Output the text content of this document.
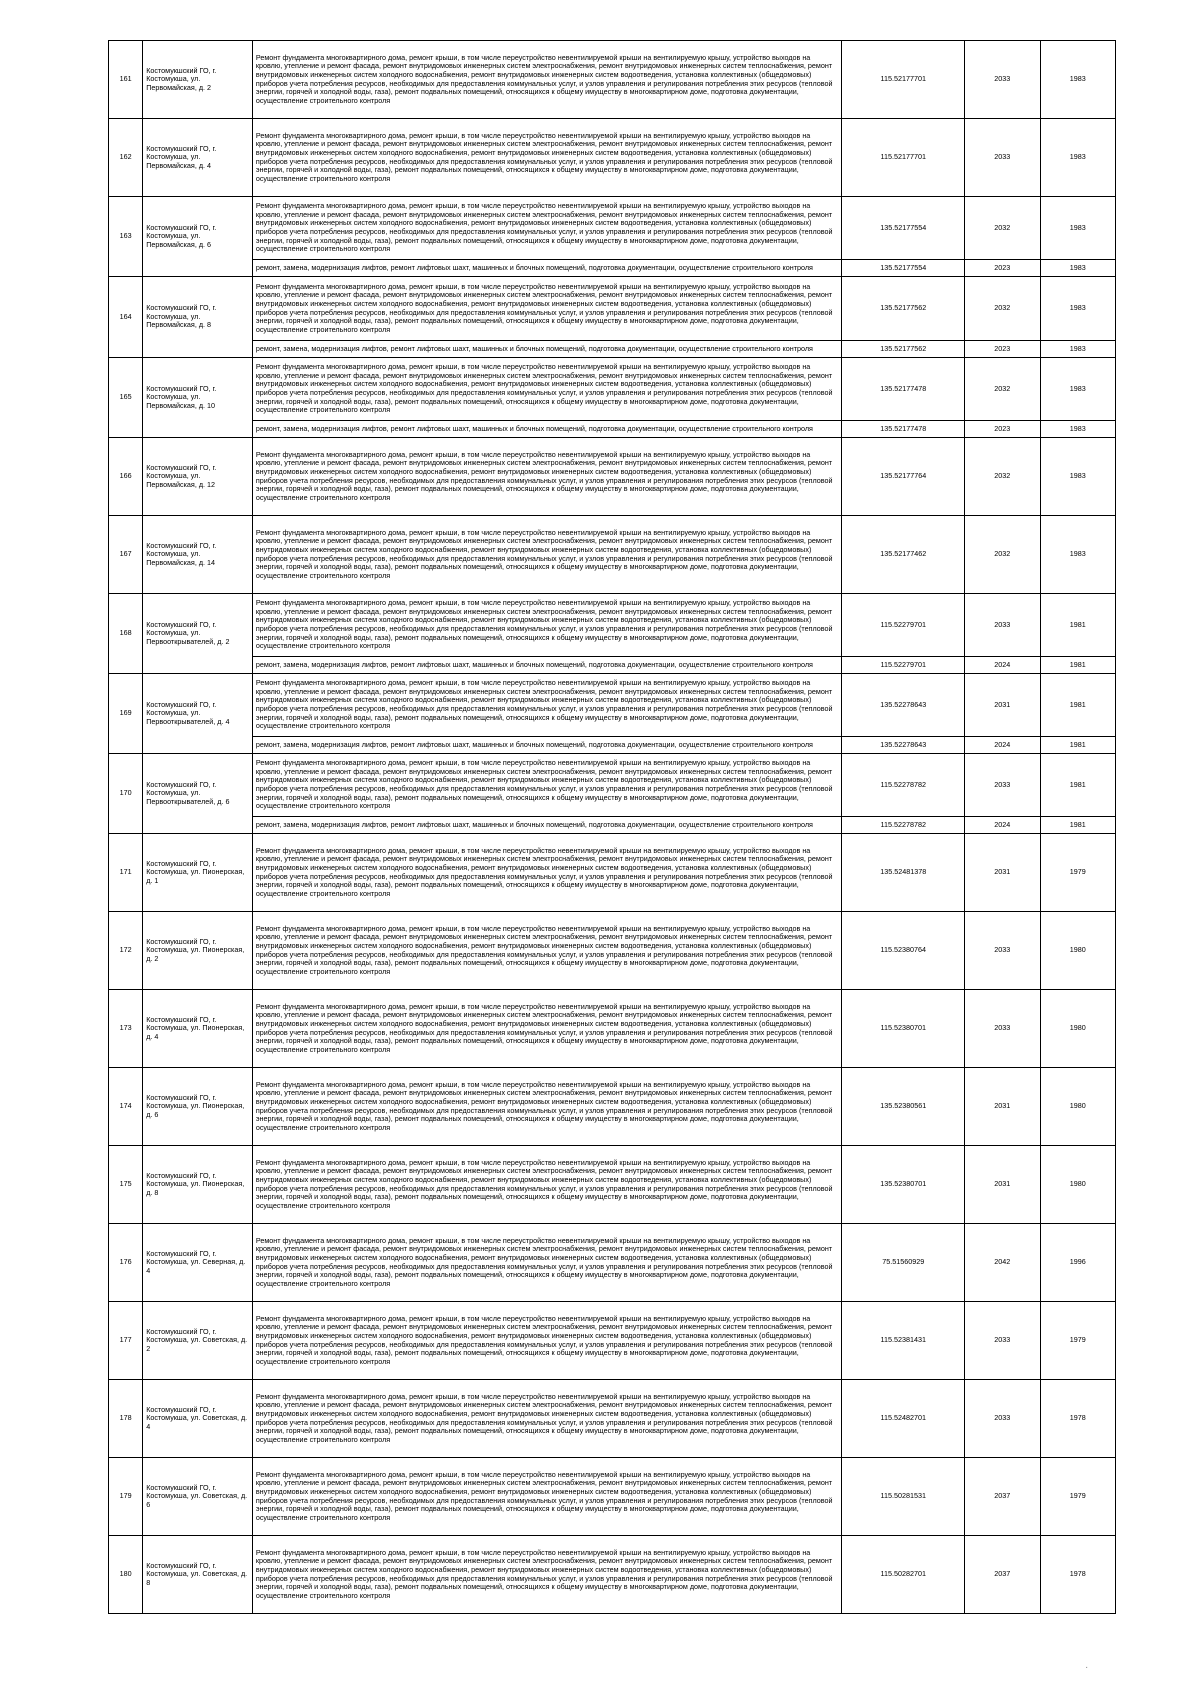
161	Костомукшский ГО, г. Костомукша, ул. Первомайская, д. 2	Ремонт фундамента многоквартирного дома, ремонт крыши, в том числе переустройство невентилируемой крыши на вентилируемую крышу, устройство выходов на кровлю, утепление и ремонт фасада, ремонт внутридомовых инженерных систем электроснабжения, ремонт внутридомовых инженерных систем теплоснабжения, ремонт внутридомовых инженерных систем холодного водоснабжения, ремонт внутридомовых инженерных систем водоотведения, установка коллективных (общедомовых) приборов учета потребления ресурсов, необходимых для предоставления коммунальных услуг, и узлов управления и регулирования потребления этих ресурсов (тепловой энергии, горячей и холодной воды, газа), ремонт подвальных помещений, относящихся к общему имуществу в многоквартирном доме, подготовка документации, осуществление строительного контроля	115.52177701	2033	1983
162	Костомукшский ГО, г. Костомукша, ул. Первомайская, д. 4	Ремонт фундамента многоквартирного дома, ремонт крыши, в том числе переустройство невентилируемой крыши на вентилируемую крышу, устройство выходов на кровлю, утепление и ремонт фасада, ремонт внутридомовых инженерных систем электроснабжения, ремонт внутридомовых инженерных систем теплоснабжения, ремонт внутридомовых инженерных систем холодного водоснабжения, ремонт внутридомовых инженерных систем водоотведения, установка коллективных (общедомовых) приборов учета потребления ресурсов, необходимых для предоставления коммунальных услуг, и узлов управления и регулирования потребления этих ресурсов (тепловой энергии, горячей и холодной воды, газа), ремонт подвальных помещений, относящихся к общему имуществу в многоквартирном доме, подготовка документации, осуществление строительного контроля	115.52177701	2033	1983
163	Костомукшский ГО, г. Костомукша, ул. Первомайская, д. 6	Ремонт фундамента многоквартирного дома, ремонт крыши, в том числе переустройство невентилируемой крыши на вентилируемую крышу, устройство выходов на кровлю, утепление и ремонт фасада, ремонт внутридомовых инженерных систем электроснабжения, ремонт внутридомовых инженерных систем теплоснабжения, ремонт внутридомовых инженерных систем холодного водоснабжения, ремонт внутридомовых инженерных систем водоотведения, установка коллективных (общедомовых) приборов учета потребления ресурсов, необходимых для предоставления коммунальных услуг, и узлов управления и регулирования потребления этих ресурсов (тепловой энергии, горячей и холодной воды, газа), ремонт подвальных помещений, относящихся к общему имуществу в многоквартирном доме, подготовка документации, осуществление строительного контроля	135.52177554	2032	1983
		ремонт, замена, модернизация лифтов, ремонт лифтовых шахт, машинных и блочных помещений, подготовка документации, осуществление строительного контроля	135.52177554	2023	1983
164	Костомукшский ГО, г. Костомукша, ул. Первомайская, д. 8	Ремонт фундамента многоквартирного дома, ремонт крыши, в том числе переустройство невентилируемой крыши на вентилируемую крышу, устройство выходов на кровлю, утепление и ремонт фасада, ремонт внутридомовых инженерных систем электроснабжения, ремонт внутридомовых инженерных систем теплоснабжения, ремонт внутридомовых инженерных систем холодного водоснабжения, ремонт внутридомовых инженерных систем водоотведения, установка коллективных (общедомовых) приборов учета потребления ресурсов, необходимых для предоставления коммунальных услуг, и узлов управления и регулирования потребления этих ресурсов (тепловой энергии, горячей и холодной воды, газа), ремонт подвальных помещений, относящихся к общему имуществу в многоквартирном доме, подготовка документации, осуществление строительного контроля	135.52177562	2032	1983
		ремонт, замена, модернизация лифтов, ремонт лифтовых шахт, машинных и блочных помещений, подготовка документации, осуществление строительного контроля	135.52177562	2023	1983
165	Костомукшский ГО, г. Костомукша, ул. Первомайская, д. 10	Ремонт фундамента многоквартирного дома, ремонт крыши, в том числе переустройство невентилируемой крыши на вентилируемую крышу, устройство выходов на кровлю, утепление и ремонт фасада, ремонт внутридомовых инженерных систем электроснабжения, ремонт внутридомовых инженерных систем теплоснабжения, ремонт внутридомовых инженерных систем холодного водоснабжения, ремонт внутридомовых инженерных систем водоотведения, установка коллективных (общедомовых) приборов учета потребления ресурсов, необходимых для предоставления коммунальных услуг, и узлов управления и регулирования потребления этих ресурсов (тепловой энергии, горячей и холодной воды, газа), ремонт подвальных помещений, относящихся к общему имуществу в многоквартирном доме, подготовка документации, осуществление строительного контроля	135.52177478	2032	1983
		ремонт, замена, модернизация лифтов, ремонт лифтовых шахт, машинных и блочных помещений, подготовка документации, осуществление строительного контроля	135.52177478	2023	1983
166	Костомукшский ГО, г. Костомукша, ул. Первомайская, д. 12	Ремонт фундамента многоквартирного дома, ремонт крыши, в том числе переустройство невентилируемой крыши на вентилируемую крышу, устройство выходов на кровлю, утепление и ремонт фасада, ремонт внутридомовых инженерных систем электроснабжения, ремонт внутридомовых инженерных систем теплоснабжения, ремонт внутридомовых инженерных систем холодного водоснабжения, ремонт внутридомовых инженерных систем водоотведения, установка коллективных (общедомовых) приборов учета потребления ресурсов, необходимых для предоставления коммунальных услуг, и узлов управления и регулирования потребления этих ресурсов (тепловой энергии, горячей и холодной воды, газа), ремонт подвальных помещений, относящихся к общему имуществу в многоквартирном доме, подготовка документации, осуществление строительного контроля	135.52177764	2032	1983
167	Костомукшский ГО, г. Костомукша, ул. Первомайская, д. 14	Ремонт фундамента многоквартирного дома, ремонт крыши, в том числе переустройство невентилируемой крыши на вентилируемую крышу, устройство выходов на кровлю, утепление и ремонт фасада, ремонт внутридомовых инженерных систем электроснабжения, ремонт внутридомовых инженерных систем теплоснабжения, ремонт внутридомовых инженерных систем холодного водоснабжения, ремонт внутридомовых инженерных систем водоотведения, установка коллективных (общедомовых) приборов учета потребления ресурсов, необходимых для предоставления коммунальных услуг, и узлов управления и регулирования потребления этих ресурсов (тепловой энергии, горячей и холодной воды, газа), ремонт подвальных помещений, относящихся к общему имуществу в многоквартирном доме, подготовка документации, осуществление строительного контроля	135.52177462	2032	1983
168	Костомукшский ГО, г. Костомукша, ул. Первооткрывателей, д. 2	Ремонт фундамента многоквартирного дома, ремонт крыши, в том числе переустройство невентилируемой крыши на вентилируемую крышу, устройство выходов на кровлю, утепление и ремонт фасада, ремонт внутридомовых инженерных систем электроснабжения, ремонт внутридомовых инженерных систем теплоснабжения, ремонт внутридомовых инженерных систем холодного водоснабжения, ремонт внутридомовых инженерных систем водоотведения, установка коллективных (общедомовых) приборов учета потребления ресурсов, необходимых для предоставления коммунальных услуг, и узлов управления и регулирования потребления этих ресурсов (тепловой энергии, горячей и холодной воды, газа), ремонт подвальных помещений, относящихся к общему имуществу в многоквартирном доме, подготовка документации, осуществление строительного контроля	115.52279701	2033	1981
		ремонт, замена, модернизация лифтов, ремонт лифтовых шахт, машинных и блочных помещений, подготовка документации, осуществление строительного контроля	115.52279701	2024	1981
169	Костомукшский ГО, г. Костомукша, ул. Первооткрывателей, д. 4	Ремонт фундамента многоквартирного дома, ремонт крыши, в том числе переустройство невентилируемой крыши на вентилируемую крышу, устройство выходов на кровлю, утепление и ремонт фасада, ремонт внутридомовых инженерных систем электроснабжения, ремонт внутридомовых инженерных систем теплоснабжения, ремонт внутридомовых инженерных систем холодного водоснабжения, ремонт внутридомовых инженерных систем водоотведения, установка коллективных (общедомовых) приборов учета потребления ресурсов, необходимых для предоставления коммунальных услуг, и узлов управления и регулирования потребления этих ресурсов (тепловой энергии, горячей и холодной воды, газа), ремонт подвальных помещений, относящихся к общему имуществу в многоквартирном доме, подготовка документации, осуществление строительного контроля	135.52278643	2031	1981
		ремонт, замена, модернизация лифтов, ремонт лифтовых шахт, машинных и блочных помещений, подготовка документации, осуществление строительного контроля	135.52278643	2024	1981
170	Костомукшский ГО, г. Костомукша, ул. Первооткрывателей, д. 6	Ремонт фундамента многоквартирного дома, ремонт крыши, в том числе переустройство невентилируемой крыши на вентилируемую крышу, устройство выходов на кровлю, утепление и ремонт фасада, ремонт внутридомовых инженерных систем электроснабжения, ремонт внутридомовых инженерных систем теплоснабжения, ремонт внутридомовых инженерных систем холодного водоснабжения, ремонт внутридомовых инженерных систем водоотведения, установка коллективных (общедомовых) приборов учета потребления ресурсов, необходимых для предоставления коммунальных услуг, и узлов управления и регулирования потребления этих ресурсов (тепловой энергии, горячей и холодной воды, газа), ремонт подвальных помещений, относящихся к общему имуществу в многоквартирном доме, подготовка документации, осуществление строительного контроля	115.52278782	2033	1981
		ремонт, замена, модернизация лифтов, ремонт лифтовых шахт, машинных и блочных помещений, подготовка документации, осуществление строительного контроля	115.52278782	2024	1981
171	Костомукшский ГО, г. Костомукша, ул. Пионерская, д. 1	Ремонт фундамента многоквартирного дома, ремонт крыши, в том числе переустройство невентилируемой крыши на вентилируемую крышу, устройство выходов на кровлю, утепление и ремонт фасада, ремонт внутридомовых инженерных систем электроснабжения, ремонт внутридомовых инженерных систем теплоснабжения, ремонт внутридомовых инженерных систем холодного водоснабжения, ремонт внутридомовых инженерных систем водоотведения, установка коллективных (общедомовых) приборов учета потребления ресурсов, необходимых для предоставления коммунальных услуг, и узлов управления и регулирования потребления этих ресурсов (тепловой энергии, горячей и холодной воды, газа), ремонт подвальных помещений, относящихся к общему имуществу в многоквартирном доме, подготовка документации, осуществление строительного контроля	135.52481378	2031	1979
172	Костомукшский ГО, г. Костомукша, ул. Пионерская, д. 2	Ремонт фундамента многоквартирного дома, ремонт крыши, в том числе переустройство невентилируемой крыши на вентилируемую крышу, устройство выходов на кровлю, утепление и ремонт фасада, ремонт внутридомовых инженерных систем электроснабжения, ремонт внутридомовых инженерных систем теплоснабжения, ремонт внутридомовых инженерных систем холодного водоснабжения, ремонт внутридомовых инженерных систем водоотведения, установка коллективных (общедомовых) приборов учета потребления ресурсов, необходимых для предоставления коммунальных услуг, и узлов управления и регулирования потребления этих ресурсов (тепловой энергии, горячей и холодной воды, газа), ремонт подвальных помещений, относящихся к общему имуществу в многоквартирном доме, подготовка документации, осуществление строительного контроля	115.52380764	2033	1980
173	Костомукшский ГО, г. Костомукша, ул. Пионерская, д. 4	Ремонт фундамента многоквартирного дома, ремонт крыши, в том числе переустройство невентилируемой крыши на вентилируемую крышу, устройство выходов на кровлю, утепление и ремонт фасада, ремонт внутридомовых инженерных систем электроснабжения, ремонт внутридомовых инженерных систем теплоснабжения, ремонт внутридомовых инженерных систем холодного водоснабжения, ремонт внутридомовых инженерных систем водоотведения, установка коллективных (общедомовых) приборов учета потребления ресурсов, необходимых для предоставления коммунальных услуг, и узлов управления и регулирования потребления этих ресурсов (тепловой энергии, горячей и холодной воды, газа), ремонт подвальных помещений, относящихся к общему имуществу в многоквартирном доме, подготовка документации, осуществление строительного контроля	115.52380701	2033	1980
174	Костомукшский ГО, г. Костомукша, ул. Пионерская, д. 6	Ремонт фундамента многоквартирного дома, ремонт крыши, в том числе переустройство невентилируемой крыши на вентилируемую крышу, устройство выходов на кровлю, утепление и ремонт фасада, ремонт внутридомовых инженерных систем электроснабжения, ремонт внутридомовых инженерных систем теплоснабжения, ремонт внутридомовых инженерных систем холодного водоснабжения, ремонт внутридомовых инженерных систем водоотведения, установка коллективных (общедомовых) приборов учета потребления ресурсов, необходимых для предоставления коммунальных услуг, и узлов управления и регулирования потребления этих ресурсов (тепловой энергии, горячей и холодной воды, газа), ремонт подвальных помещений, относящихся к общему имуществу в многоквартирном доме, подготовка документации, осуществление строительного контроля	135.52380561	2031	1980
175	Костомукшский ГО, г. Костомукша, ул. Пионерская, д. 8	Ремонт фундамента многоквартирного дома, ремонт крыши, в том числе переустройство невентилируемой крыши на вентилируемую крышу, устройство выходов на кровлю, утепление и ремонт фасада, ремонт внутридомовых инженерных систем электроснабжения, ремонт внутридомовых инженерных систем теплоснабжения, ремонт внутридомовых инженерных систем холодного водоснабжения, ремонт внутридомовых инженерных систем водоотведения, установка коллективных (общедомовых) приборов учета потребления ресурсов, необходимых для предоставления коммунальных услуг, и узлов управления и регулирования потребления этих ресурсов (тепловой энергии, горячей и холодной воды, газа), ремонт подвальных помещений, относящихся к общему имуществу в многоквартирном доме, подготовка документации, осуществление строительного контроля	135.52380701	2031	1980
176	Костомукшский ГО, г. Костомукша, ул. Северная, д. 4	Ремонт фундамента многоквартирного дома, ремонт крыши, в том числе переустройство невентилируемой крыши на вентилируемую крышу, устройство выходов на кровлю, утепление и ремонт фасада, ремонт внутридомовых инженерных систем электроснабжения, ремонт внутридомовых инженерных систем теплоснабжения, ремонт внутридомовых инженерных систем холодного водоснабжения, ремонт внутридомовых инженерных систем водоотведения, установка коллективных (общедомовых) приборов учета потребления ресурсов, необходимых для предоставления коммунальных услуг, и узлов управления и регулирования потребления этих ресурсов (тепловой энергии, горячей и холодной воды, газа), ремонт подвальных помещений, относящихся к общему имуществу в многоквартирном доме, подготовка документации, осуществление строительного контроля	75.51560929	2042	1996
177	Костомукшский ГО, г. Костомукша, ул. Советская, д. 2	Ремонт фундамента многоквартирного дома, ремонт крыши, в том числе переустройство невентилируемой крыши на вентилируемую крышу, устройство выходов на кровлю, утепление и ремонт фасада, ремонт внутридомовых инженерных систем электроснабжения, ремонт внутридомовых инженерных систем теплоснабжения, ремонт внутридомовых инженерных систем холодного водоснабжения, ремонт внутридомовых инженерных систем водоотведения, установка коллективных (общедомовых) приборов учета потребления ресурсов, необходимых для предоставления коммунальных услуг, и узлов управления и регулирования потребления этих ресурсов (тепловой энергии, горячей и холодной воды, газа), ремонт подвальных помещений, относящихся к общему имуществу в многоквартирном доме, подготовка документации, осуществление строительного контроля	115.52381431	2033	1979
178	Костомукшский ГО, г. Костомукша, ул. Советская, д. 4	Ремонт фундамента многоквартирного дома, ремонт крыши, в том числе переустройство невентилируемой крыши на вентилируемую крышу, устройство выходов на кровлю, утепление и ремонт фасада, ремонт внутридомовых инженерных систем электроснабжения, ремонт внутридомовых инженерных систем теплоснабжения, ремонт внутридомовых инженерных систем холодного водоснабжения, ремонт внутридомовых инженерных систем водоотведения, установка коллективных (общедомовых) приборов учета потребления ресурсов, необходимых для предоставления коммунальных услуг, и узлов управления и регулирования потребления этих ресурсов (тепловой энергии, горячей и холодной воды, газа), ремонт подвальных помещений, относящихся к общему имуществу в многоквартирном доме, подготовка документации, осуществление строительного контроля	115.52482701	2033	1978
179	Костомукшский ГО, г. Костомукша, ул. Советская, д. 6	Ремонт фундамента многоквартирного дома, ремонт крыши, в том числе переустройство невентилируемой крыши на вентилируемую крышу, устройство выходов на кровлю, утепление и ремонт фасада, ремонт внутридомовых инженерных систем электроснабжения, ремонт внутридомовых инженерных систем теплоснабжения, ремонт внутридомовых инженерных систем холодного водоснабжения, ремонт внутридомовых инженерных систем водоотведения, установка коллективных (общедомовых) приборов учета потребления ресурсов, необходимых для предоставления коммунальных услуг, и узлов управления и регулирования потребления этих ресурсов (тепловой энергии, горячей и холодной воды, газа), ремонт подвальных помещений, относящихся к общему имуществу в многоквартирном доме, подготовка документации, осуществление строительного контроля	115.50281531	2037	1979
180	Костомукшский ГО, г. Костомукша, ул. Советская, д. 8	Ремонт фундамента многоквартирного дома, ремонт крыши, в том числе переустройство невентилируемой крыши на вентилируемую крышу, устройство выходов на кровлю, утепление и ремонт фасада, ремонт внутридомовых инженерных систем электроснабжения, ремонт внутридомовых инженерных систем теплоснабжения, ремонт внутридомовых инженерных систем холодного водоснабжения, ремонт внутридомовых инженерных систем водоотведения, установка коллективных (общедомовых) приборов учета потребления ресурсов, необходимых для предоставления коммунальных услуг, и узлов управления и регулирования потребления этих ресурсов (тепловой энергии, горячей и холодной воды, газа), ремонт подвальных помещений, относящихся к общему имуществу в многоквартирном доме, подготовка документации, осуществление строительного контроля	115.50282701	2037	1978
·
